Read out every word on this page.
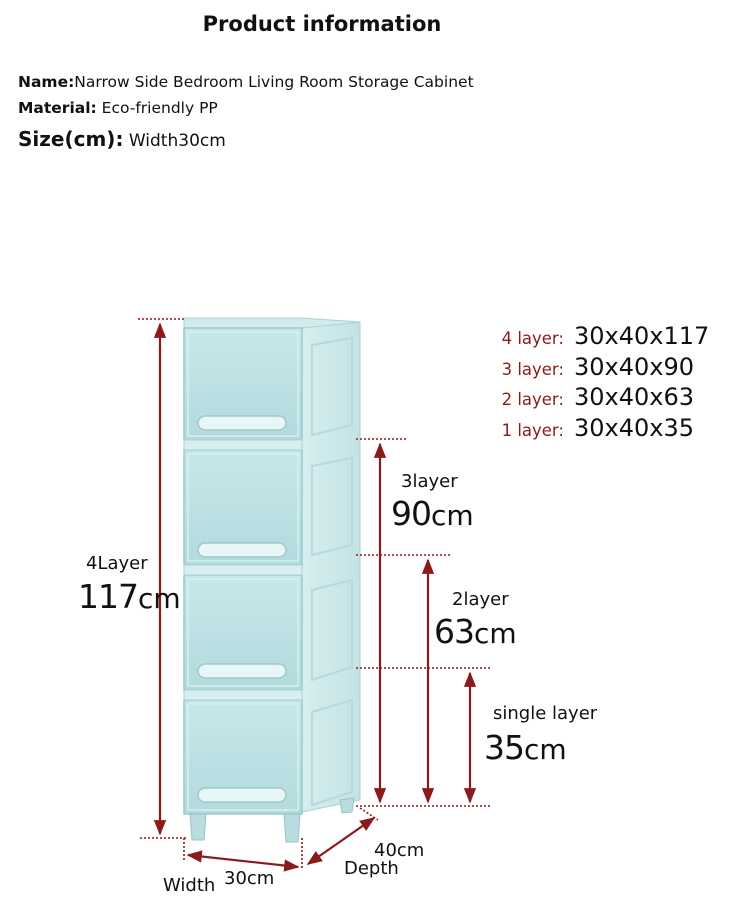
Product information
Name:Narrow Side Bedroom Living Room Storage Cabinet
Material: Eco-friendly PP
Size(cm): Width30cm
4 layer: 30x40x117
3 layer: 30x40x90
2 layer: 30x40x63
1 layer: 30x40x35
4Layer
117cm
3layer
90cm
2layer
63cm
single layer
35cm
Width 30cm
40cm
Depth
